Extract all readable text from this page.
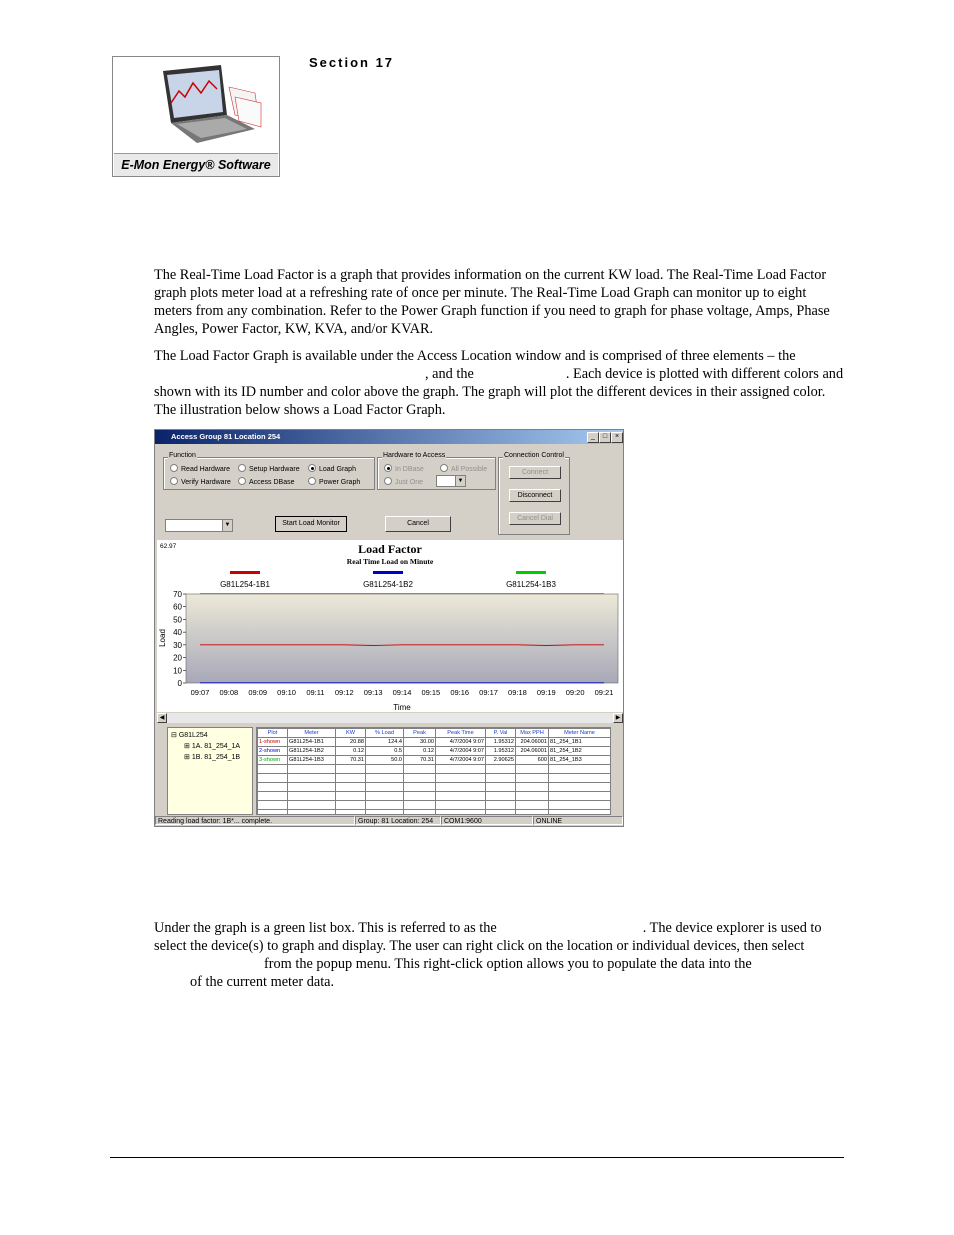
E-Mon Energy® Software
Section 17

The Real-Time Load Factor is a graph that provides information on the current KW load. The Real-Time Load Factor graph plots meter load at a refreshing rate of once per minute. The Real-Time Load Graph can monitor up to eight meters from any combination. Refer to the Power Graph function if you need to graph for phase voltage, Amps, Phase Angles, Power Factor, KW, KVA, and/or KVAR.

The Load Factor Graph is available under the Access Location window and is comprised of three elements – the
, and the	. Each device is plotted with different colors and shown with its ID number and color above the graph. The graph will plot the different devices in their assigned color. The illustration below shows a Load Factor Graph.

Under the graph is a green list box. This is referred to as the	. The device explorer is used to select the device(s) to graph and display. The user can right click on the location or individual devices, then select
from the popup menu. This right-click option allows you to populate the data into the
of the current meter data.

Access Group 81 Location 254	_	□	×
Function
Read Hardware	Setup Hardware	Load Graph
Verify Hardware	Access DBase	Power Graph
Hardware to Access
In DBase	All Possible
Just One	▼
Connection Control
Connect
Disconnect
Cancel Dial
▼	Start Load Monitor	Cancel
62.97	Load Factor
Real Time Load on Minute
G81L254-1B1	G81L254-1B2	G81L254-1B3
0
10
20
30
40
50
60
70
09:07 09:08 09:09 09:10 09:11 09:12 09:13 09:14 09:15 09:16 09:17 09:18 09:19 09:20 09:21
Load
Time
◀	▶
⊟ G81L254
⊞ 1A. 81_254_1A
⊞ 1B. 81_254_1B
Plot	Meter	KW	% Load	Peak	Peak Time	P. Val	Max PPH	Meter Name
1-shown	G81L254-1B1	20.88	124.4	30.00	4/7/2004 9:07	1.95312	204.06001	81_254_1B1
2-shown	G81L254-1B2	0.12	0.5	0.12	4/7/2004 9:07	1.95312	204.06001	81_254_1B2
3-shown	G81L254-1B3	70.31	50.0	70.31	4/7/2004 9:07	2.90625	600	81_254_1B3

Reading load factor: 1B*... complete.	Group: 81 Location: 254	COM1:9600	ONLINE
